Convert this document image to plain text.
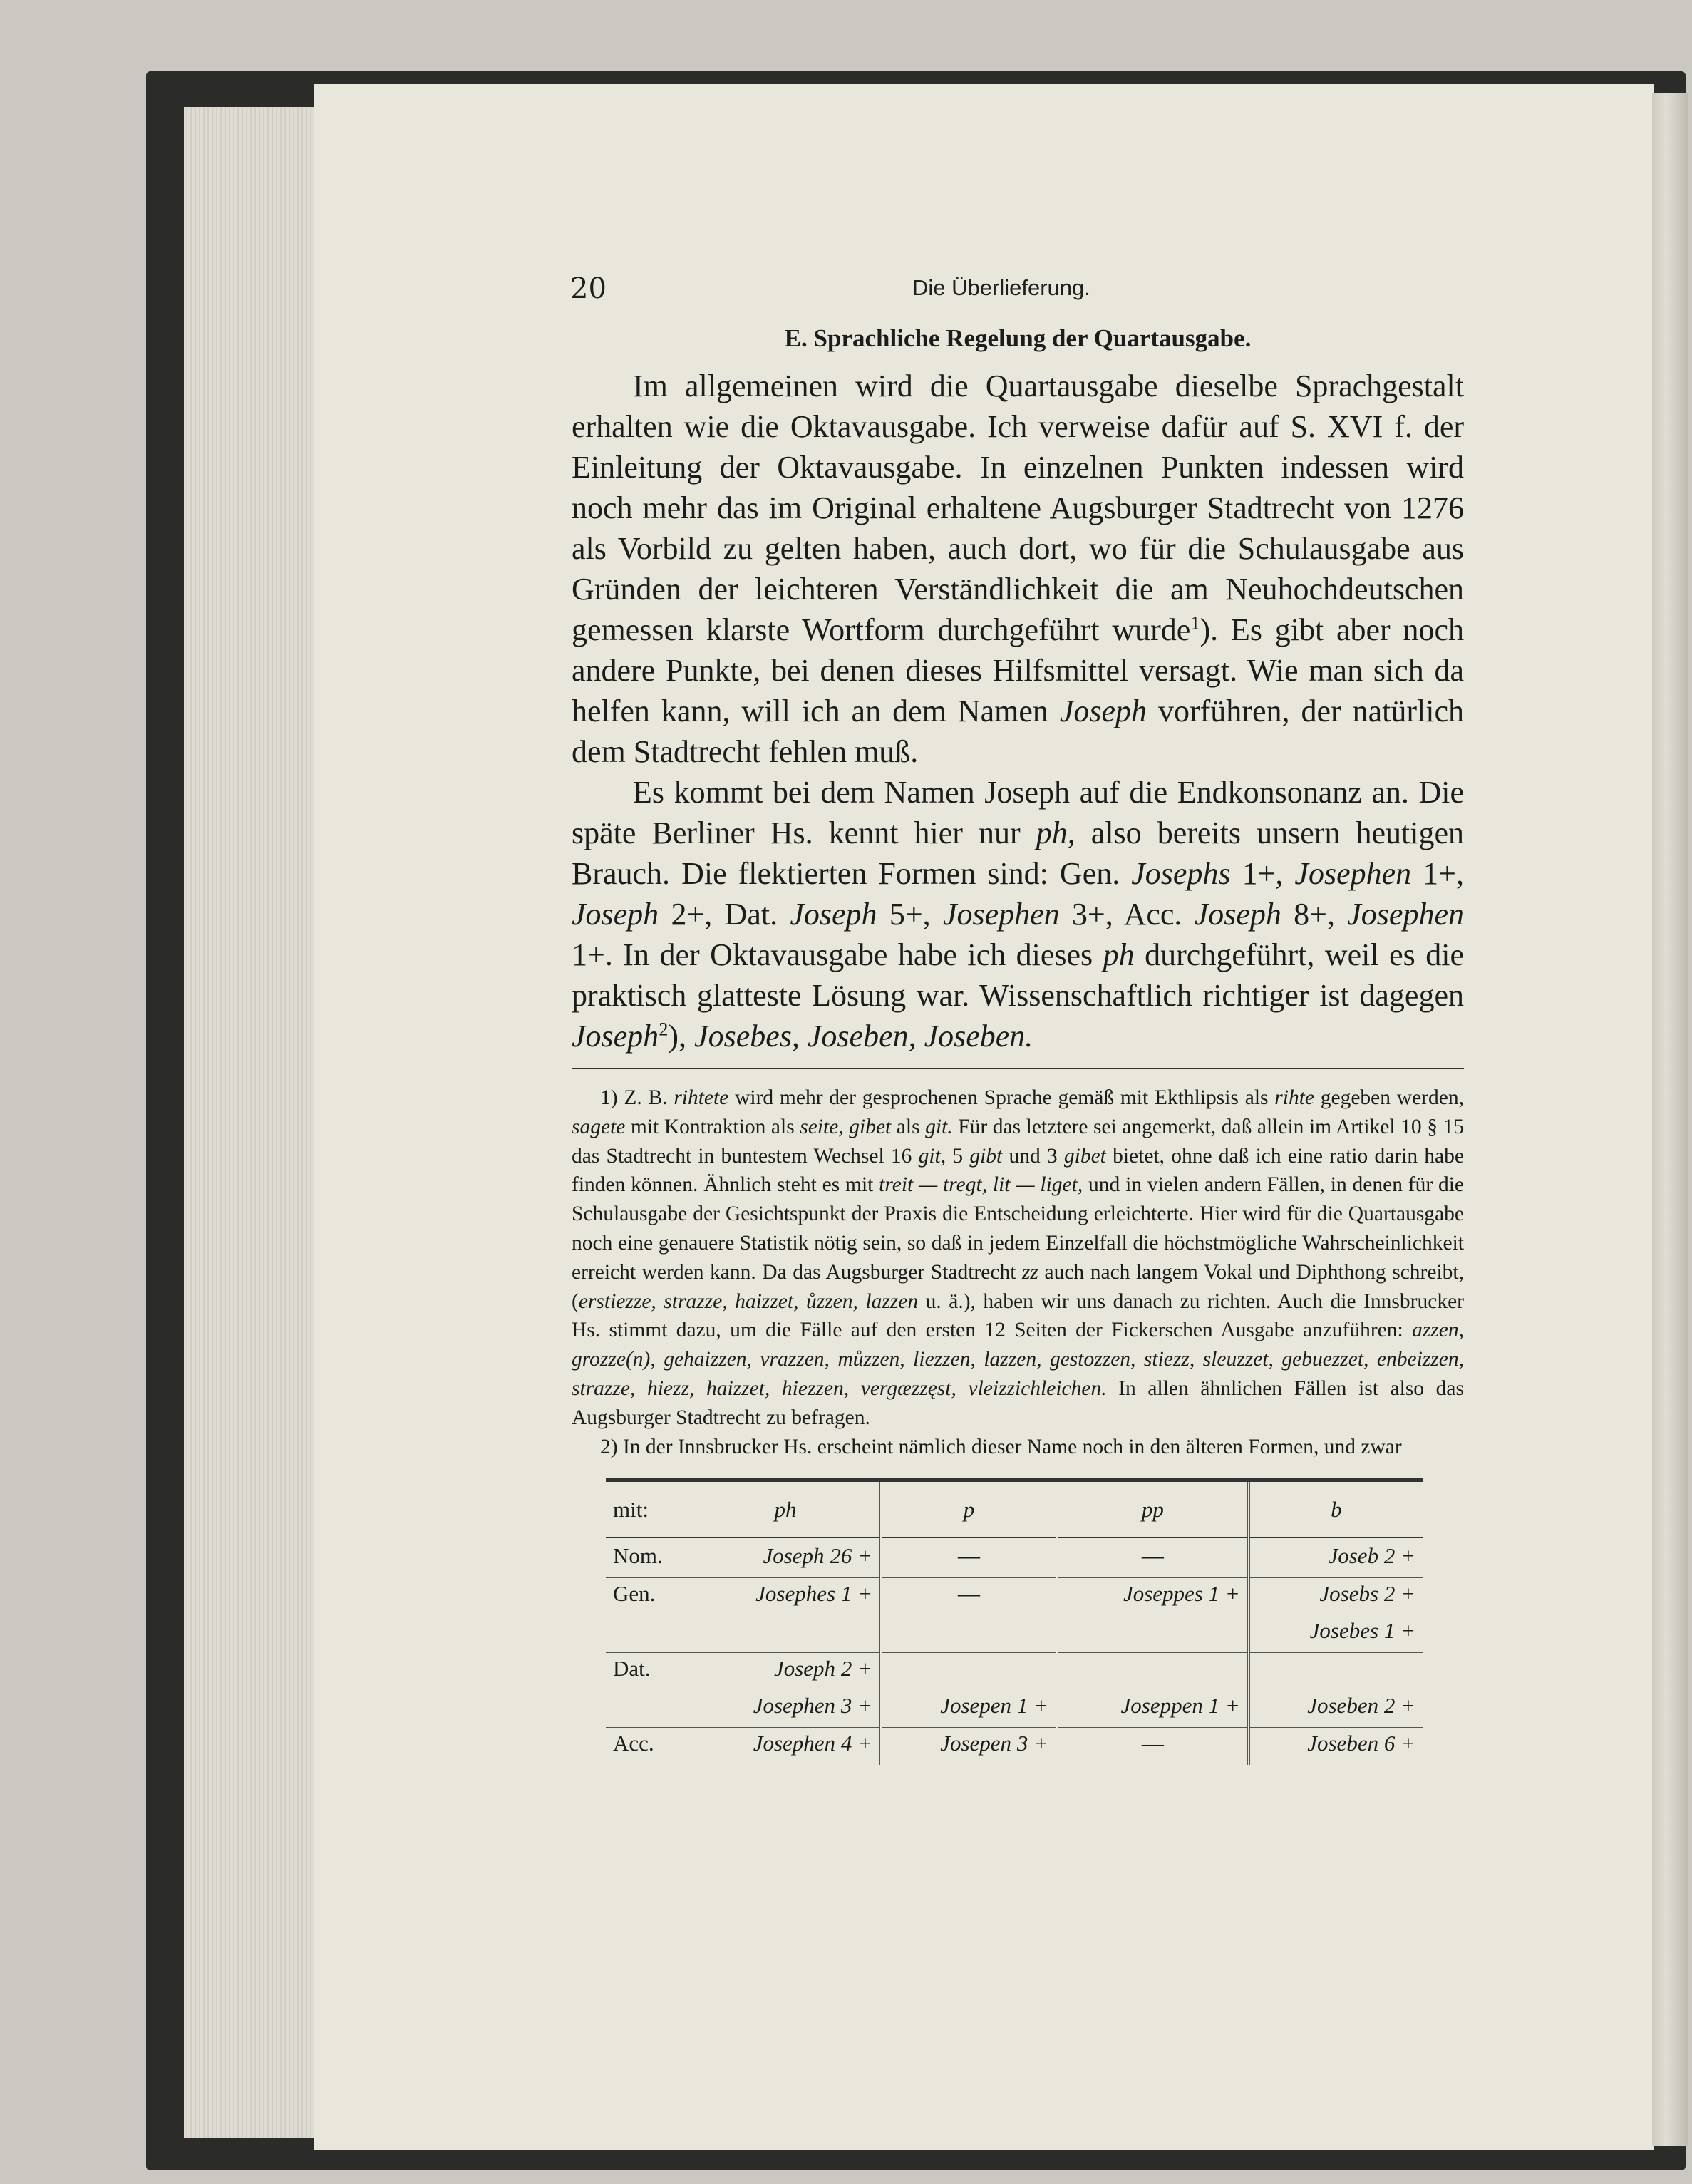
20	Die Überlieferung.
E. Sprachliche Regelung der Quartausgabe.

Im allgemeinen wird die Quartausgabe dieselbe Sprachgestalt erhalten wie die Oktavausgabe. Ich verweise dafür auf S. XVI f. der Einleitung der Oktavausgabe. In einzelnen Punkten indessen wird noch mehr das im Original erhaltene Augsburger Stadtrecht von 1276 als Vorbild zu gelten haben, auch dort, wo für die Schulausgabe aus Gründen der leichteren Verständlichkeit die am Neuhochdeutschen gemessen klarste Wortform durchgeführt wurde$^1$). Es gibt aber noch andere Punkte, bei denen dieses Hilfsmittel versagt. Wie man sich da helfen kann, will ich an dem Namen Joseph vorführen, der natürlich dem Stadtrecht fehlen muß.

Es kommt bei dem Namen Joseph auf die Endkonsonanz an. Die späte Berliner Hs. kennt hier nur ph, also bereits unsern heutigen Brauch. Die flektierten Formen sind: Gen. Josephs 1+, Josephen 1+, Joseph 2+, Dat. Joseph 5+, Josephen 3+, Acc. Joseph 8+, Josephen 1+. In der Oktavausgabe habe ich dieses ph durchgeführt, weil es die praktisch glatteste Lösung war. Wissenschaftlich richtiger ist dagegen Joseph$^2$), Josebes, Joseben, Joseben.

1) Z. B. rihtete wird mehr der gesprochenen Sprache gemäß mit Ekthlipsis als rihte gegeben werden, sagete mit Kontraktion als seite, gibet als git. Für das letztere sei angemerkt, daß allein im Artikel 10 § 15 das Stadtrecht in buntestem Wechsel 16 git, 5 gibt und 3 gibet bietet, ohne daß ich eine ratio darin habe finden können. Ähnlich steht es mit treit — tregt, lit — liget, und in vielen andern Fällen, in denen für die Schulausgabe der Gesichtspunkt der Praxis die Entscheidung erleichterte. Hier wird für die Quartausgabe noch eine genauere Statistik nötig sein, so daß in jedem Einzelfall die höchstmögliche Wahrscheinlichkeit erreicht werden kann. Da das Augsburger Stadtrecht zz auch nach langem Vokal und Diphthong schreibt, (erstiezze, strazze, haizzet, ůzzen, lazzen u. ä.), haben wir uns danach zu richten. Auch die Innsbrucker Hs. stimmt dazu, um die Fälle auf den ersten 12 Seiten der Fickerschen Ausgabe anzuführen: azzen, grozze(n), gehaizzen, vrazzen, můzzen, liezzen, lazzen, gestozzen, stiezz, sleuzzet, gebuezzet, enbeizzen, strazze, hiezz, haizzet, hiezzen, vergæzzęst, vleizzichleichen. In allen ähnlichen Fällen ist also das Augsburger Stadtrecht zu befragen.

2) In der Innsbrucker Hs. erscheint nämlich dieser Name noch in den älteren Formen, und zwar

mit:	ph	p	pp	b
Nom.	Joseph 26 +	—	—	Joseb 2 +
Gen.	Josephes 1 +	—	Joseppes 1 +	Josebs 2 +
				Josebes 1 +
Dat.	Joseph 2 +			
	Josephen 3 +	Josepen 1 +	Joseppen 1 +	Joseben 2 +
Acc.	Josephen 4 +	Josepen 3 +	—	Joseben 6 +
